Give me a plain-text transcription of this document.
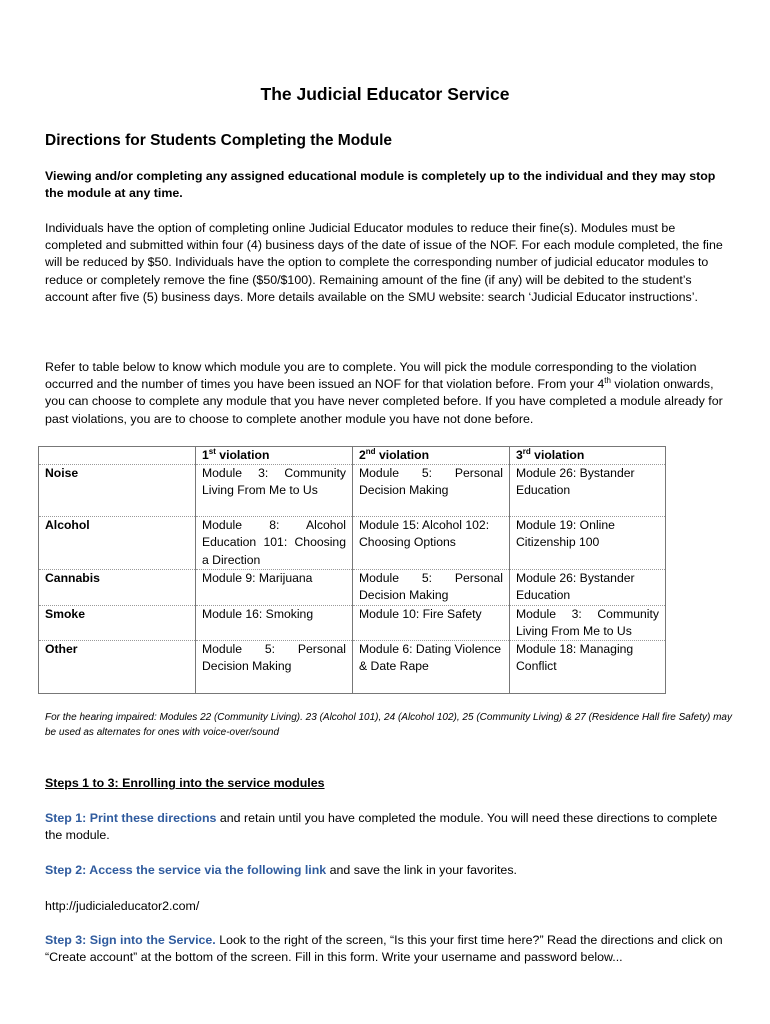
The Judicial Educator Service
Directions for Students Completing the Module

Viewing and/or completing any assigned educational module is completely up to the individual and they may stop the module at any time.

Individuals have the option of completing online Judicial Educator modules to reduce their fine(s). Modules must be completed and submitted within four (4) business days of the date of issue of the NOF. For each module completed, the fine will be reduced by $50. Individuals have the option to complete the corresponding number of judicial educator modules to reduce or completely remove the fine ($50/$100). Remaining amount of the fine (if any) will be debited to the student’s account after five (5) business days. More details available on the SMU website: search ‘Judicial Educator instructions’.

Refer to table below to know which module you are to complete. You will pick the module corresponding to the violation occurred and the number of times you have been issued an NOF for that violation before. From your 4th violation onwards, you can choose to complete any module that you have never completed before. If you have completed a module already for past violations, you are to choose to complete another module you have not done before.

	1st violation	2nd violation	3rd violation
Noise	Module 3: Community Living From Me to Us	Module 5: Personal Decision Making	Module 26: Bystander Education
Alcohol	Module 8: Alcohol Education 101: Choosing a Direction	Module 15: Alcohol 102: Choosing Options	Module 19: Online Citizenship 100
Cannabis	Module 9: Marijuana	Module 5: Personal Decision Making	Module 26: Bystander Education
Smoke	Module 16: Smoking	Module 10: Fire Safety	Module 3: Community Living From Me to Us
Other	Module 5: Personal Decision Making	Module 6: Dating Violence & Date Rape	Module 18: Managing Conflict

For the hearing impaired: Modules 22 (Community Living). 23 (Alcohol 101), 24 (Alcohol 102), 25 (Community Living) & 27 (Residence Hall fire Safety) may be used as alternates for ones with voice-over/sound

Steps 1 to 3: Enrolling into the service modules

Step 1: Print these directions and retain until you have completed the module. You will need these directions to complete the module.

Step 2: Access the service via the following link and save the link in your favorites.

http://judicialeducator2.com/

Step 3: Sign into the Service. Look to the right of the screen, “Is this your first time here?” Read the directions and click on “Create account” at the bottom of the screen. Fill in this form. Write your username and password below...
